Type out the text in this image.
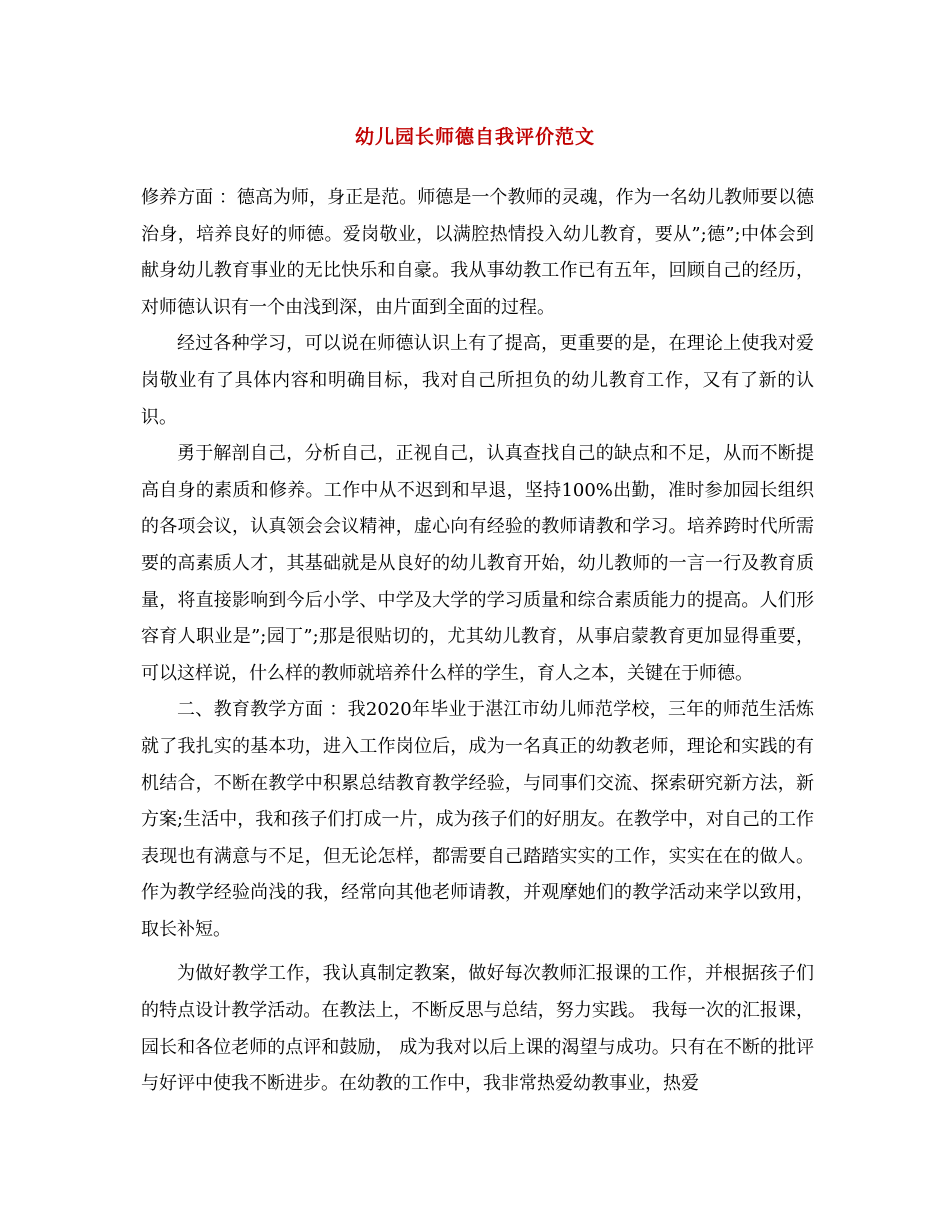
幼儿园长师德自我评价范文

修养方面 ：德高为师，身正是范。师德是一个教师的灵魂，作为一名幼儿教师要以德治身，培养良好的师德。爱岗敬业，以满腔热情投入幼儿教育，要从”;德”;中体会到献身幼儿教育事业的无比快乐和自豪。我从事幼教工作已有五年，回顾自己的经历，对师德认识有一个由浅到深，由片面到全面的过程。

经过各种学习，可以说在师德认识上有了提高，更重要的是，在理论上使我对爱岗敬业有了具体内容和明确目标，我对自己所担负的幼儿教育工作，又有了新的认识。

勇于解剖自己，分析自己，正视自己，认真查找自己的缺点和不足，从而不断提高自身的素质和修养。工作中从不迟到和早退，坚持100%出勤，准时参加园长组织的各项会议，认真领会会议精神，虚心向有经验的教师请教和学习。培养跨时代所需要的高素质人才，其基础就是从良好的幼儿教育开始，幼儿教师的一言一行及教育质量，将直接影响到今后小学、中学及大学的学习质量和综合素质能力的提高。人们形容育人职业是”;园丁”;那是很贴切的，尤其幼儿教育，从事启蒙教育更加显得重要，可以这样说，什么样的教师就培养什么样的学生，育人之本，关键在于师德。

二、教育教学方面 ：我2020年毕业于湛江市幼儿师范学校，三年的师范生活炼就了我扎实的基本功，进入工作岗位后，成为一名真正的幼教老师，理论和实践的有机结合，不断在教学中积累总结教育教学经验，与同事们交流、探索研究新方法，新方案;生活中，我和孩子们打成一片，成为孩子们的好朋友。在教学中，对自己的工作表现也有满意与不足，但无论怎样，都需要自己踏踏实实的工作，实实在在的做人。作为教学经验尚浅的我，经常向其他老师请教，并观摩她们的教学活动来学以致用，取长补短。

为做好教学工作，我认真制定教案，做好每次教师汇报课的工作，并根据孩子们的特点设计教学活动。在教法上，不断反思与总结，努力实践。 我每一次的汇报课，园长和各位老师的点评和鼓励， 成为我对以后上课的渴望与成功。只有在不断的批评与好评中使我不断进步。在幼教的工作中，我非常热爱幼教事业，热爱
